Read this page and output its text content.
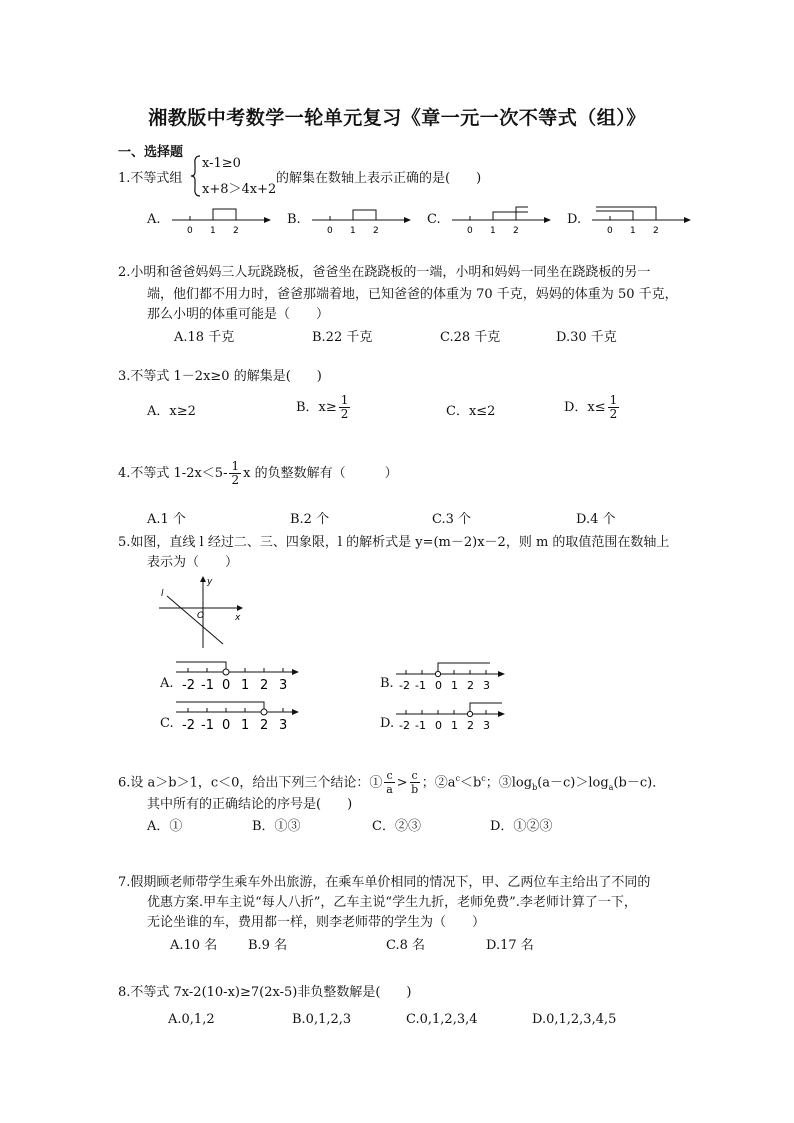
湘教版中考数学一轮单元复习《章一元一次不等式（组）》
一、选择题
1.不等式组
x-1≥0
x+8＞4x+2
的解集在数轴上表示正确的是(　　)
A.	B.	C.	D.
0 1 2	0 1 2	0 1 2	0 1 2
2.小明和爸爸妈妈三人玩跷跷板，爸爸坐在跷跷板的一端，小明和妈妈一同坐在跷跷板的另一
端，他们都不用力时，爸爸那端着地，已知爸爸的体重为 70 千克，妈妈的体重为 50 千克，
那么小明的体重可能是（　　）
A.18 千克	B.22 千克	C.28 千克	D.30 千克
3.不等式 1－2x≥0 的解集是(　　)
A．x≥2	B．$x\ge \frac{1}{2}$	C．x≤2	D．$x\le \frac{1}{2}$
4.不等式 $1-2x<5- \frac{1}{2}$ x 的负整数解有（　　　）
A.1 个	B.2 个	C.3 个	D.4 个
5.如图，直线 l 经过二、三、四象限，l 的解析式是 y=(m－2)x－2，则 m 的取值范围在数轴上
表示为（　　）
l
O	x
y
A.	B.
C.	D.
-2 -1 0 1 2 3	-2 -1 0 1 2 3
-2 -1 0 1 2 3	-2 -1 0 1 2 3
6.设 a＞b＞1，c＜0，给出下列三个结论：① $\frac{c}{a} > \frac{c}{b}$ ；$②a^c<b^c$；$③\log_b(a-c)>\log_a(b-c)$．
其中所有的正确结论的序号是(　　)
A．①	B．①③	C．②③	D．①②③
7.假期顾老师带学生乘车外出旅游，在乘车单价相同的情况下，甲、乙两位车主给出了不同的
优惠方案.甲车主说“每人八折”，乙车主说“学生九折，老师免费”.李老师计算了一下，
无论坐谁的车，费用都一样，则李老师带的学生为（　　）
A.10 名 B.9 名	C.8 名	D.17 名
8.不等式 7x-2(10-x)≥7(2x-5)非负整数解是(　　)
A.0,1,2	B.0,1,2,3	C.0,1,2,3,4	D.0,1,2,3,4,5
